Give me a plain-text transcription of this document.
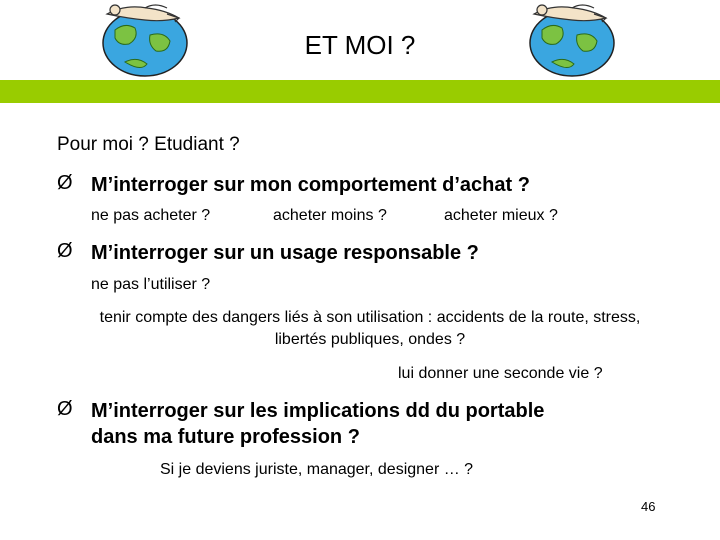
ET MOI ?
Pour moi ? Etudiant ?
Ø M’interroger sur mon comportement d’achat ?
ne pas acheter ?	acheter moins ?	acheter mieux ?
Ø M’interroger sur un usage responsable ?
ne pas l’utiliser ?
tenir compte des dangers liés à son utilisation : accidents de la route, stress, libertés publiques, ondes ?
lui donner une seconde vie ?
Ø M’interroger sur les implications dd du portable
dans ma future profession ?
Si je deviens juriste, manager, designer … ?
46
